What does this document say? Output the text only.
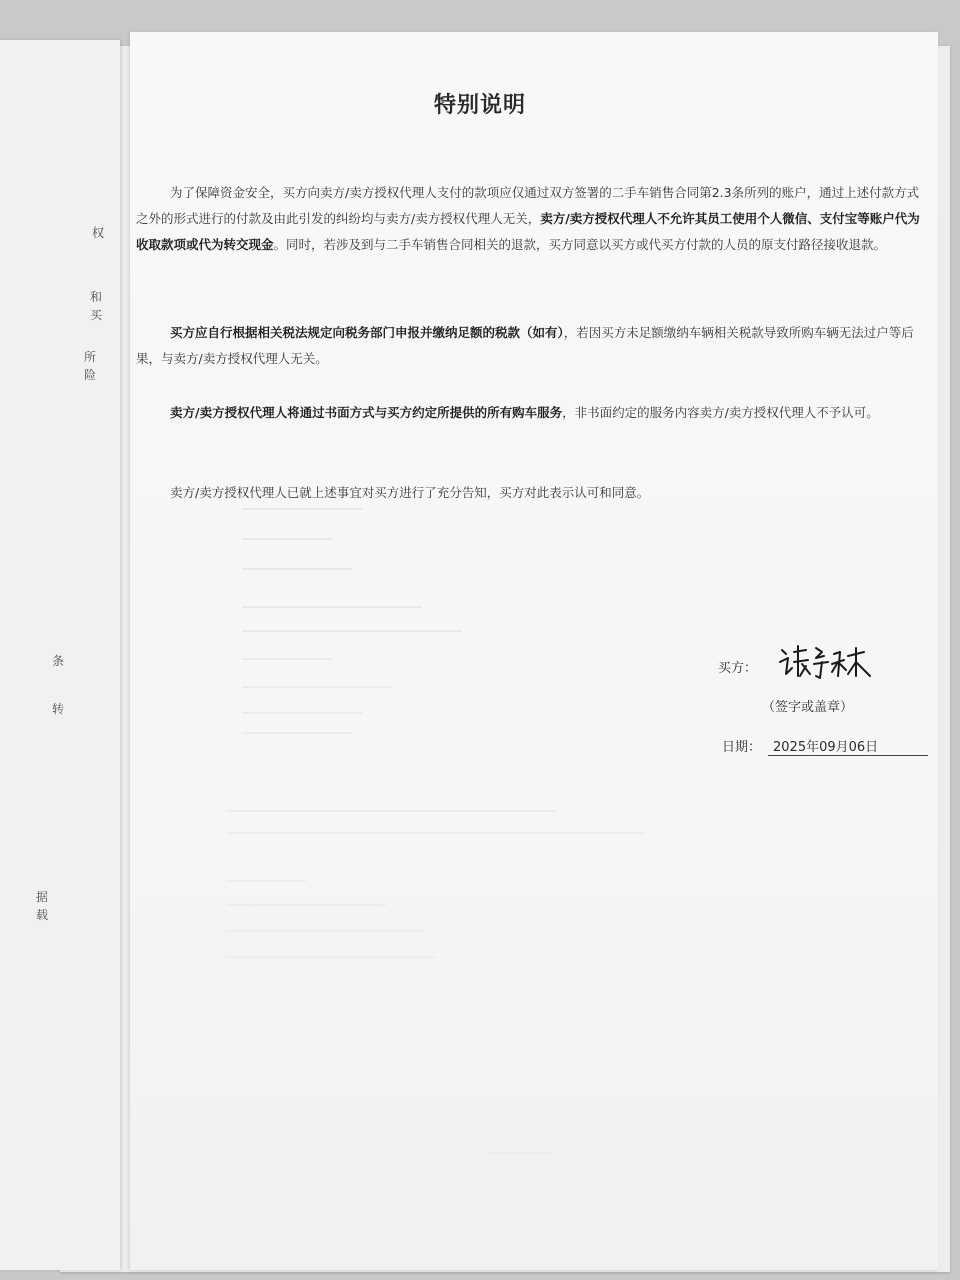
权
和
买
所
险
条
转
据
载
特别说明

为了保障资金安全，买方向卖方/卖方授权代理人支付的款项应仅通过双方签署的二手车销售合同第2.3条所列的账户，通过上述付款方式之外的形式进行的付款及由此引发的纠纷均与卖方/卖方授权代理人无关，卖方/卖方授权代理人不允许其员工使用个人微信、支付宝等账户代为收取款项或代为转交现金。同时，若涉及到与二手车销售合同相关的退款，买方同意以买方或代买方付款的人员的原支付路径接收退款。

买方应自行根据相关税法规定向税务部门申报并缴纳足额的税款（如有），若因买方未足额缴纳车辆相关税款导致所购车辆无法过户等后果，与卖方/卖方授权代理人无关。

卖方/卖方授权代理人将通过书面方式与买方约定所提供的所有购车服务，非书面约定的服务内容卖方/卖方授权代理人不予认可。

卖方/卖方授权代理人已就上述事宜对买方进行了充分告知，买方对此表示认可和同意。

买方：
（签字或盖章）
日期： 2025年09月06日
